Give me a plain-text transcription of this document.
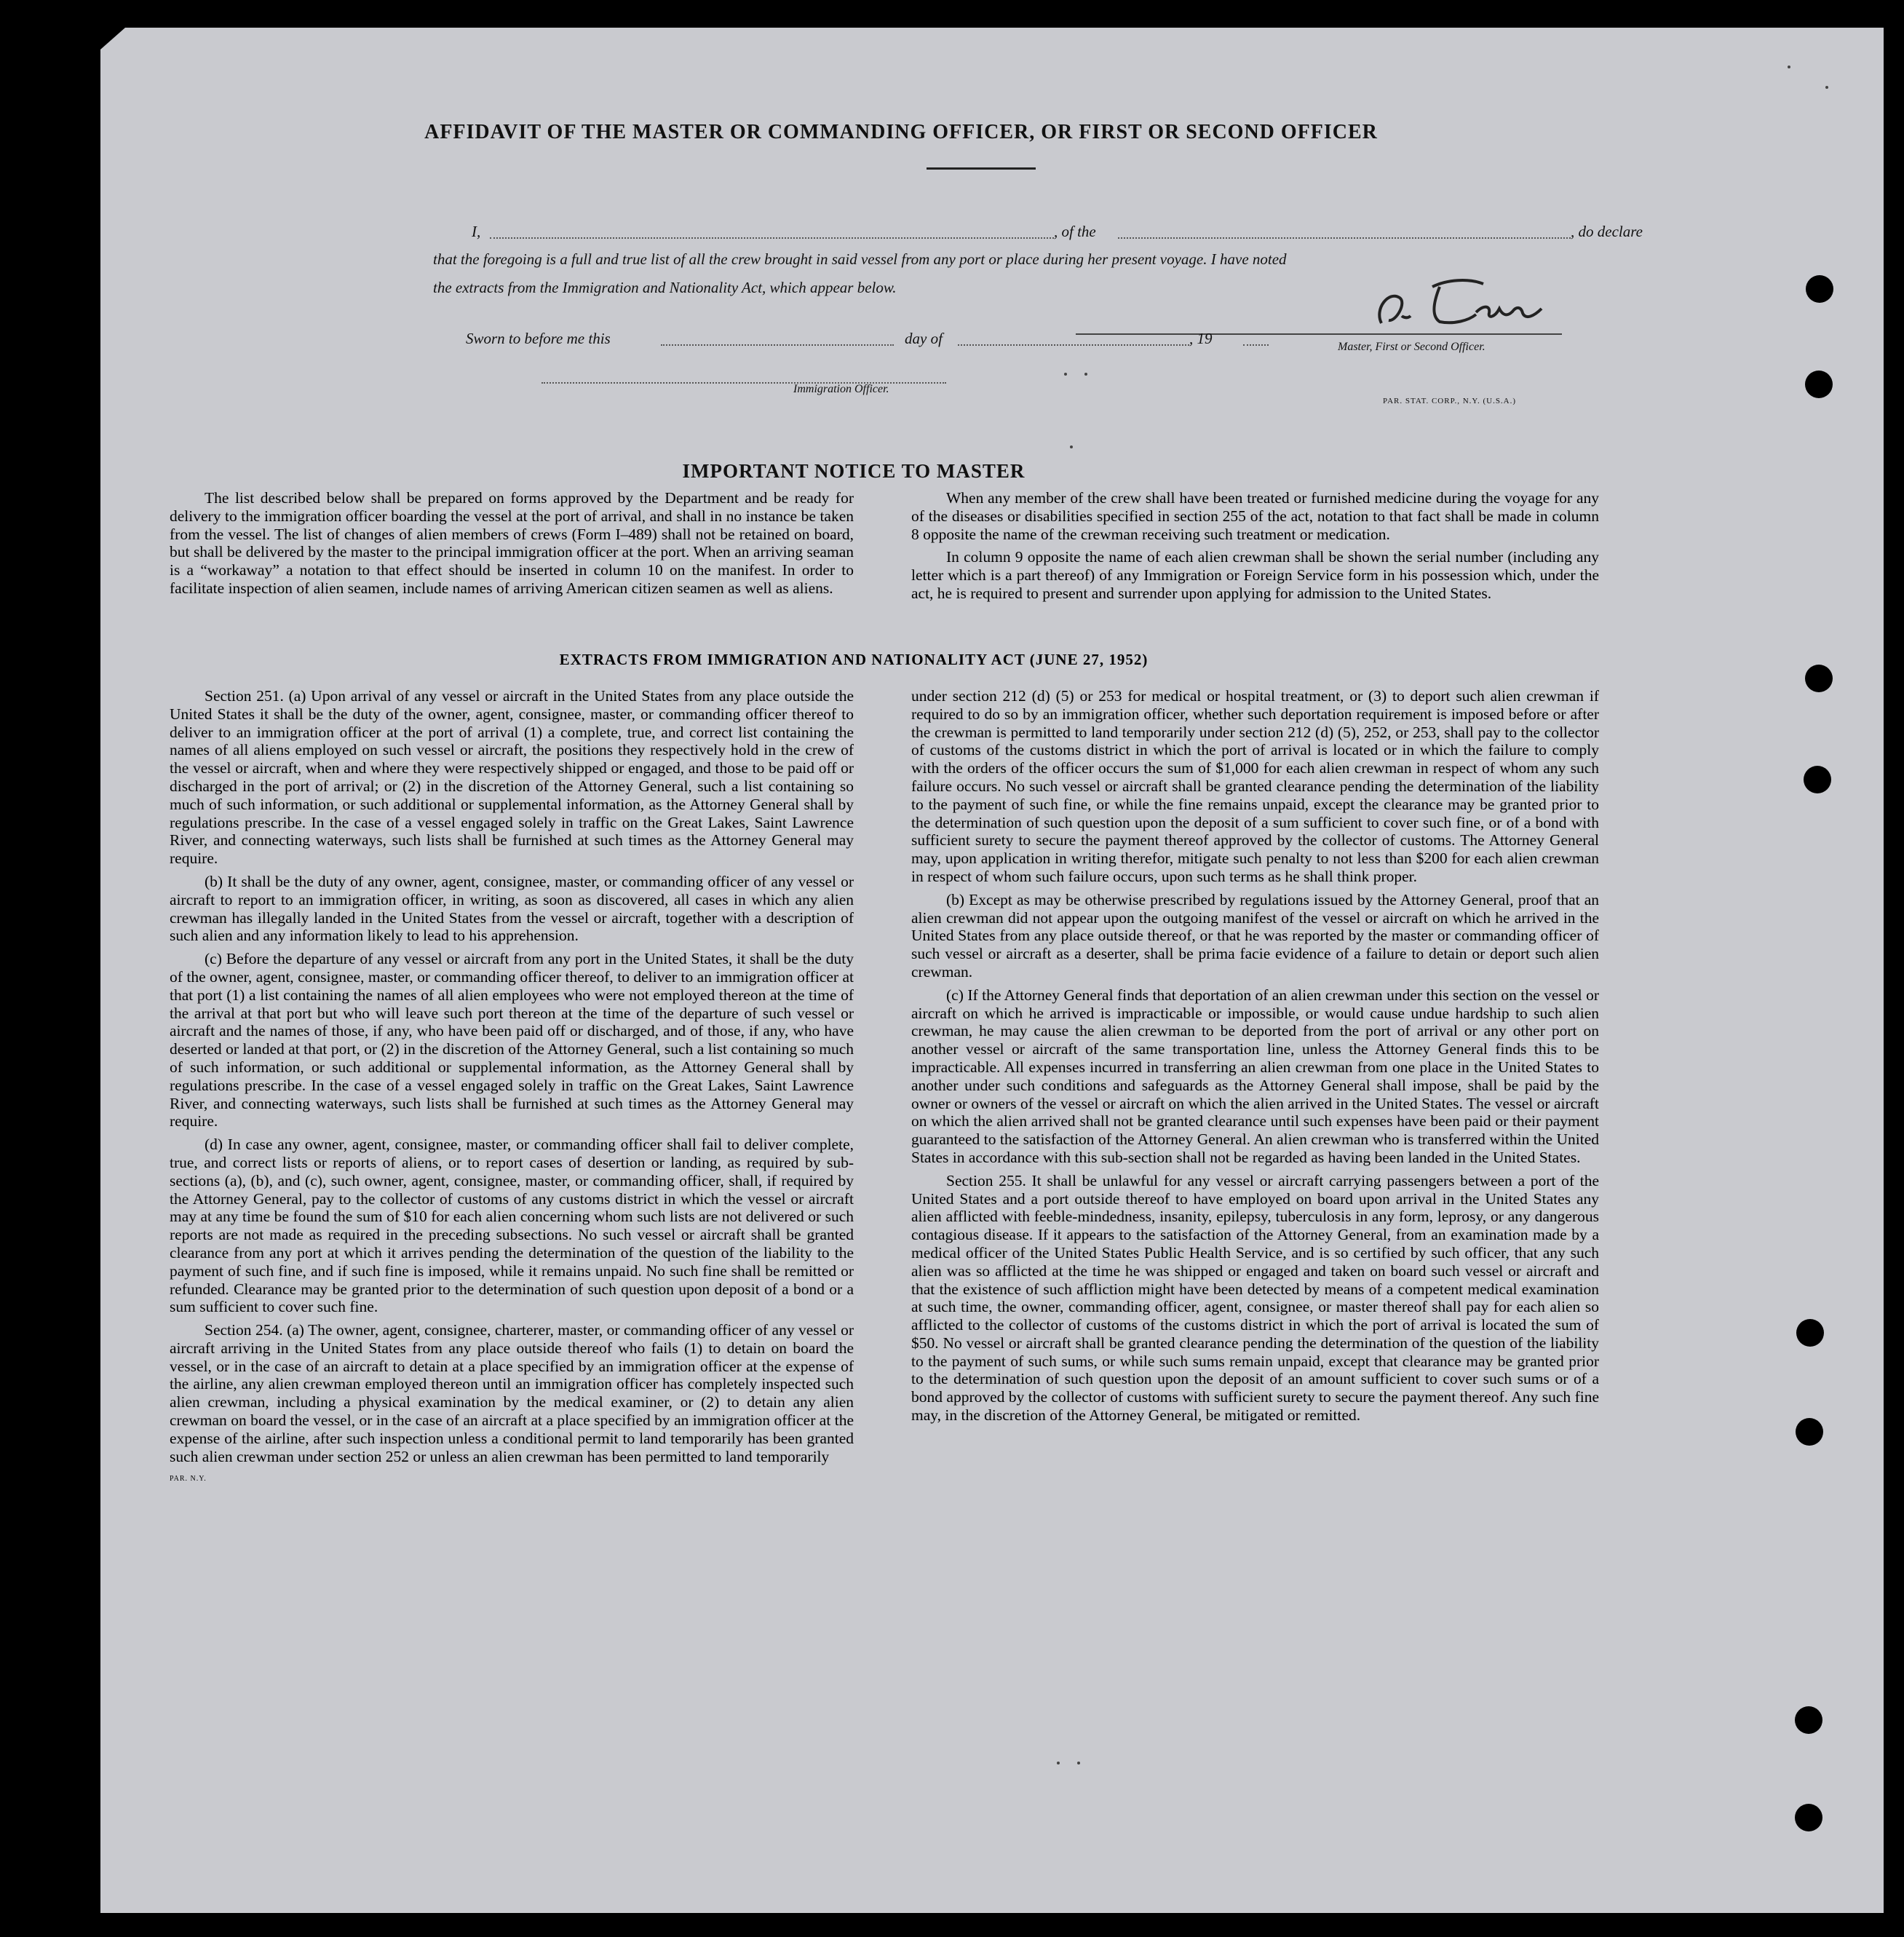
AFFIDAVIT OF THE MASTER OR COMMANDING OFFICER, OR FIRST OR SECOND OFFICER
I,	, of the	, do declare
that the foregoing is a full and true list of all the crew brought in said vessel from any port or place during her present voyage. I have noted
the extracts from the Immigration and Nationality Act, which appear below.
Master, First or Second Officer.
Sworn to before me this	day of	, 19
Immigration Officer.
PAR. STAT. CORP., N.Y. (U.S.A.)
IMPORTANT NOTICE TO MASTER

The list described below shall be prepared on forms approved by the Department and be ready for delivery to the immigration officer boarding the vessel at the port of arrival, and shall in no instance be taken from the vessel. The list of changes of alien members of crews (Form I–489) shall not be retained on board, but shall be delivered by the master to the principal immigration officer at the port. When an arriving seaman is a “workaway” a notation to that effect should be inserted in column 10 on the manifest. In order to facilitate inspection of alien seamen, include names of arriving American citizen seamen as well as aliens.

When any member of the crew shall have been treated or furnished medicine during the voyage for any of the diseases or disabilities specified in section 255 of the act, notation to that fact shall be made in column 8 opposite the name of the crewman receiving such treatment or medication.

In column 9 opposite the name of each alien crewman shall be shown the serial number (including any letter which is a part thereof) of any Immigration or Foreign Service form in his possession which, under the act, he is required to present and surrender upon applying for admission to the United States.

EXTRACTS FROM IMMIGRATION AND NATIONALITY ACT (JUNE 27, 1952)

Section 251. (a) Upon arrival of any vessel or aircraft in the United States from any place outside the United States it shall be the duty of the owner, agent, consignee, master, or commanding officer thereof to deliver to an immigration officer at the port of arrival (1) a complete, true, and correct list containing the names of all aliens employed on such vessel or aircraft, the positions they respectively hold in the crew of the vessel or aircraft, when and where they were respectively shipped or engaged, and those to be paid off or discharged in the port of arrival; or (2) in the discretion of the Attorney General, such a list containing so much of such information, or such additional or supplemental information, as the Attorney General shall by regulations prescribe. In the case of a vessel engaged solely in traffic on the Great Lakes, Saint Lawrence River, and connecting waterways, such lists shall be furnished at such times as the Attorney General may require.

(b) It shall be the duty of any owner, agent, consignee, master, or commanding officer of any vessel or aircraft to report to an immigration officer, in writing, as soon as discovered, all cases in which any alien crewman has illegally landed in the United States from the vessel or aircraft, together with a description of such alien and any information likely to lead to his apprehension.

(c) Before the departure of any vessel or aircraft from any port in the United States, it shall be the duty of the owner, agent, consignee, master, or commanding officer thereof, to deliver to an immigration officer at that port (1) a list containing the names of all alien employees who were not employed thereon at the time of the arrival at that port but who will leave such port thereon at the time of the departure of such vessel or aircraft and the names of those, if any, who have been paid off or discharged, and of those, if any, who have deserted or landed at that port, or (2) in the discretion of the Attorney General, such a list containing so much of such information, or such additional or supplemental information, as the Attorney General shall by regulations prescribe. In the case of a vessel engaged solely in traffic on the Great Lakes, Saint Lawrence River, and connecting waterways, such lists shall be furnished at such times as the Attorney General may require.

(d) In case any owner, agent, consignee, master, or commanding officer shall fail to deliver complete, true, and correct lists or reports of aliens, or to report cases of desertion or landing, as required by sub-sections (a), (b), and (c), such owner, agent, consignee, master, or commanding officer, shall, if required by the Attorney General, pay to the collector of customs of any customs district in which the vessel or aircraft may at any time be found the sum of $10 for each alien concerning whom such lists are not delivered or such reports are not made as required in the preceding subsections. No such vessel or aircraft shall be granted clearance from any port at which it arrives pending the determination of the question of the liability to the payment of such fine, and if such fine is imposed, while it remains unpaid. No such fine shall be remitted or refunded. Clearance may be granted prior to the determination of such question upon deposit of a bond or a sum sufficient to cover such fine.

Section 254. (a) The owner, agent, consignee, charterer, master, or commanding officer of any vessel or aircraft arriving in the United States from any place outside thereof who fails (1) to detain on board the vessel, or in the case of an aircraft to detain at a place specified by an immigration officer at the expense of the airline, any alien crewman employed thereon until an immigration officer has completely inspected such alien crewman, including a physical examination by the medical examiner, or (2) to detain any alien crewman on board the vessel, or in the case of an aircraft at a place specified by an immigration officer at the expense of the airline, after such inspection unless a conditional permit to land temporarily has been granted such alien crewman under section 252 or unless an alien crewman has been permitted to land temporarily

PAR. N.Y.

under section 212 (d) (5) or 253 for medical or hospital treatment, or (3) to deport such alien crewman if required to do so by an immigration officer, whether such deportation requirement is imposed before or after the crewman is permitted to land temporarily under section 212 (d) (5), 252, or 253, shall pay to the collector of customs of the customs district in which the port of arrival is located or in which the failure to comply with the orders of the officer occurs the sum of $1,000 for each alien crewman in respect of whom any such failure occurs. No such vessel or aircraft shall be granted clearance pending the determination of the liability to the payment of such fine, or while the fine remains unpaid, except the clearance may be granted prior to the determination of such question upon the deposit of a sum sufficient to cover such fine, or of a bond with sufficient surety to secure the payment thereof approved by the collector of customs. The Attorney General may, upon application in writing therefor, mitigate such penalty to not less than $200 for each alien crewman in respect of whom such failure occurs, upon such terms as he shall think proper.

(b) Except as may be otherwise prescribed by regulations issued by the Attorney General, proof that an alien crewman did not appear upon the outgoing manifest of the vessel or aircraft on which he arrived in the United States from any place outside thereof, or that he was reported by the master or commanding officer of such vessel or aircraft as a deserter, shall be prima facie evidence of a failure to detain or deport such alien crewman.

(c) If the Attorney General finds that deportation of an alien crewman under this section on the vessel or aircraft on which he arrived is impracticable or impossible, or would cause undue hardship to such alien crewman, he may cause the alien crewman to be deported from the port of arrival or any other port on another vessel or aircraft of the same transportation line, unless the Attorney General finds this to be impracticable. All expenses incurred in transferring an alien crewman from one place in the United States to another under such conditions and safeguards as the Attorney General shall impose, shall be paid by the owner or owners of the vessel or aircraft on which the alien arrived in the United States. The vessel or aircraft on which the alien arrived shall not be granted clearance until such expenses have been paid or their payment guaranteed to the satisfaction of the Attorney General. An alien crewman who is transferred within the United States in accordance with this sub-section shall not be regarded as having been landed in the United States.

Section 255. It shall be unlawful for any vessel or aircraft carrying passengers between a port of the United States and a port outside thereof to have employed on board upon arrival in the United States any alien afflicted with feeble-mindedness, insanity, epilepsy, tuberculosis in any form, leprosy, or any dangerous contagious disease. If it appears to the satisfaction of the Attorney General, from an examination made by a medical officer of the United States Public Health Service, and is so certified by such officer, that any such alien was so afflicted at the time he was shipped or engaged and taken on board such vessel or aircraft and that the existence of such affliction might have been detected by means of a competent medical examination at such time, the owner, commanding officer, agent, consignee, or master thereof shall pay for each alien so afflicted to the collector of customs of the customs district in which the port of arrival is located the sum of $50. No vessel or aircraft shall be granted clearance pending the determination of the question of the liability to the payment of such sums, or while such sums remain unpaid, except that clearance may be granted prior to the determination of such question upon the deposit of an amount sufficient to cover such sums or of a bond approved by the collector of customs with sufficient surety to secure the payment thereof. Any such fine may, in the discretion of the Attorney General, be mitigated or remitted.
